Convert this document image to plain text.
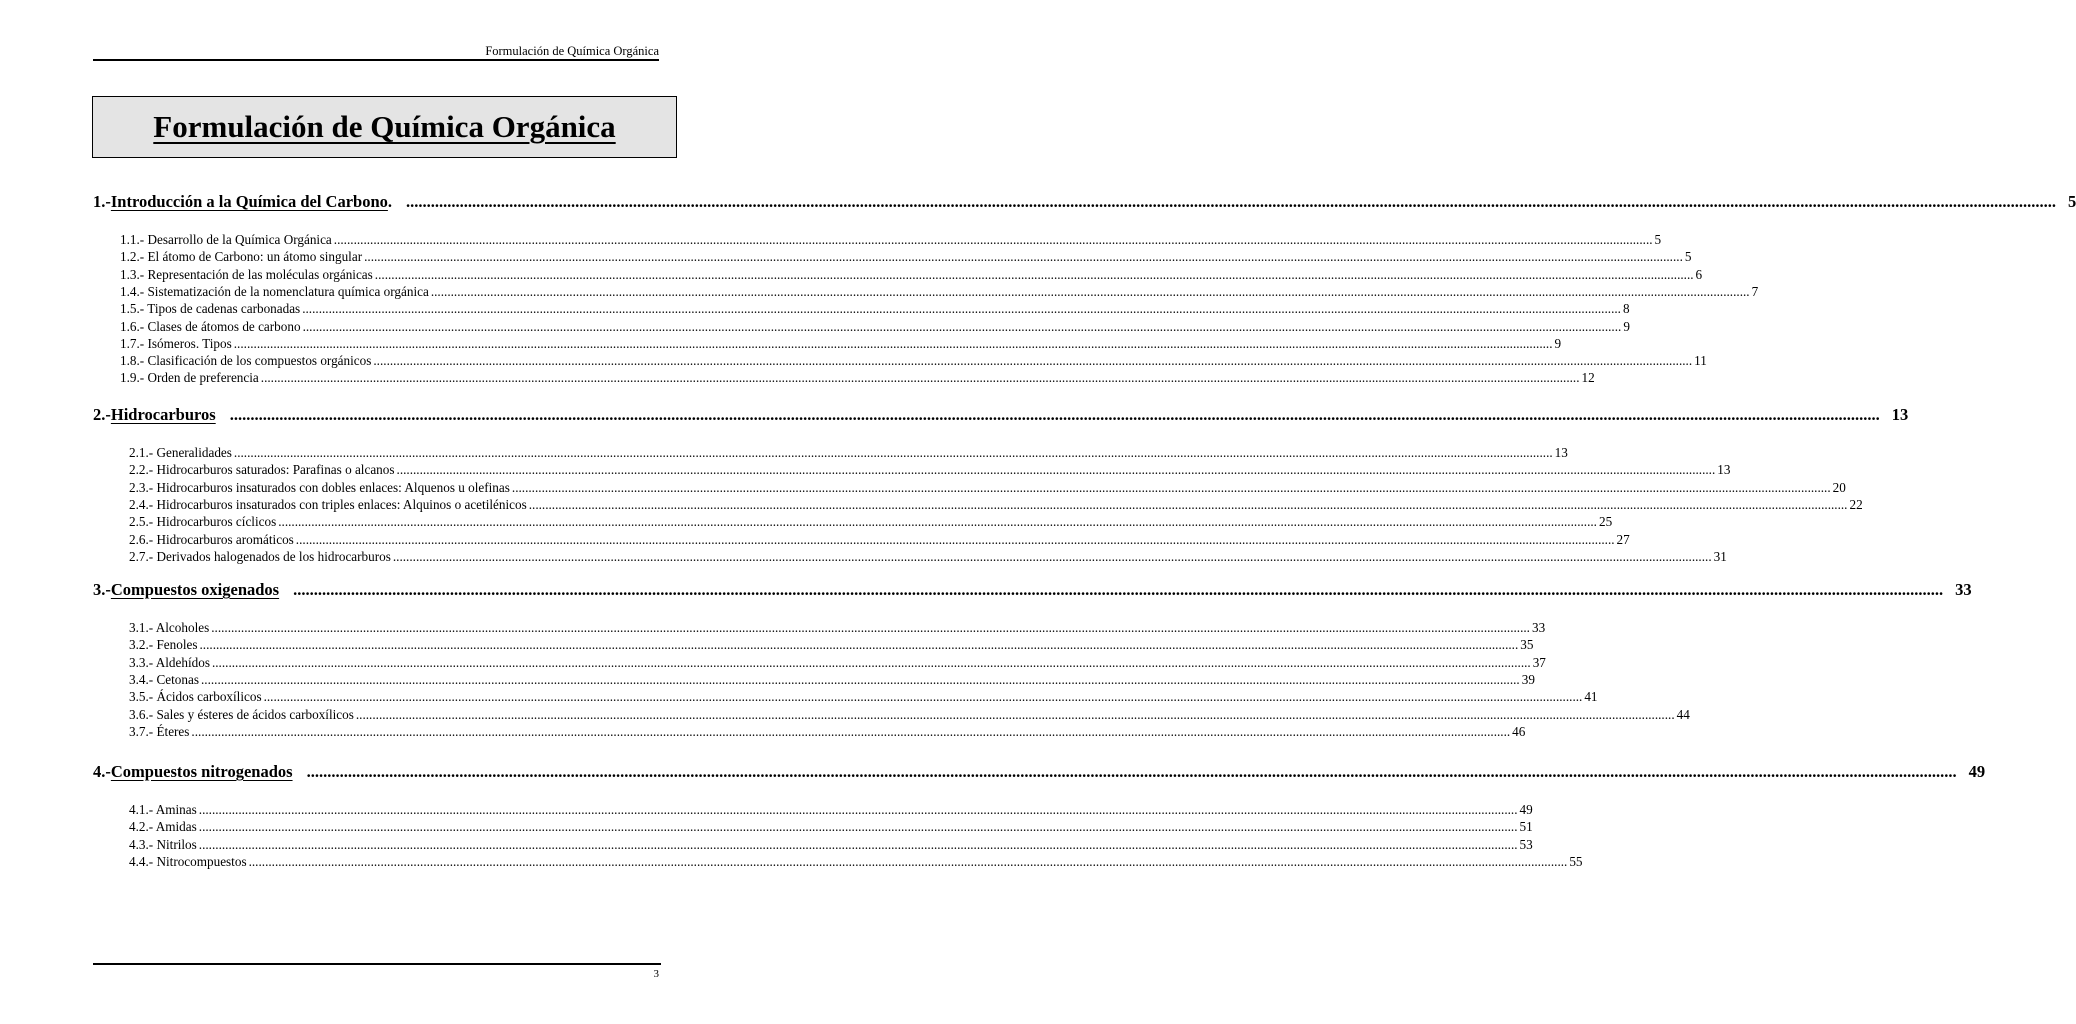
Formulación de Química Orgánica
Formulación de Química Orgánica
1.- Introducción a la Química del Carbono . ................................................................................................................................................................................................................................................................................................................................................................................................................ 5
1.1.- Desarrollo de la Química Orgánica ................................................................................................................................................................................................................................................................................................................................................................................................................ 5
1.2.- El átomo de Carbono: un átomo singular ................................................................................................................................................................................................................................................................................................................................................................................................................ 5
1.3.- Representación de las moléculas orgánicas ................................................................................................................................................................................................................................................................................................................................................................................................................ 6
1.4.- Sistematización de la nomenclatura química orgánica ................................................................................................................................................................................................................................................................................................................................................................................................................ 7
1.5.- Tipos de cadenas carbonadas ................................................................................................................................................................................................................................................................................................................................................................................................................ 8
1.6.- Clases de átomos de carbono ................................................................................................................................................................................................................................................................................................................................................................................................................ 9
1.7.- Isómeros. Tipos ................................................................................................................................................................................................................................................................................................................................................................................................................ 9
1.8.- Clasificación de los compuestos orgánicos ................................................................................................................................................................................................................................................................................................................................................................................................................ 11
1.9.- Orden de preferencia ................................................................................................................................................................................................................................................................................................................................................................................................................ 12
2.- Hidrocarburos ................................................................................................................................................................................................................................................................................................................................................................................................................ 13
2.1.- Generalidades ................................................................................................................................................................................................................................................................................................................................................................................................................ 13
2.2.- Hidrocarburos saturados: Parafinas o alcanos ................................................................................................................................................................................................................................................................................................................................................................................................................ 13
2.3.- Hidrocarburos insaturados con dobles enlaces: Alquenos u olefinas ................................................................................................................................................................................................................................................................................................................................................................................................................ 20
2.4.- Hidrocarburos insaturados con triples enlaces: Alquinos o acetilénicos ................................................................................................................................................................................................................................................................................................................................................................................................................ 22
2.5.- Hidrocarburos cíclicos ................................................................................................................................................................................................................................................................................................................................................................................................................ 25
2.6.- Hidrocarburos aromáticos ................................................................................................................................................................................................................................................................................................................................................................................................................ 27
2.7.- Derivados halogenados de los hidrocarburos ................................................................................................................................................................................................................................................................................................................................................................................................................ 31
3.- Compuestos oxigenados ................................................................................................................................................................................................................................................................................................................................................................................................................ 33
3.1.- Alcoholes ................................................................................................................................................................................................................................................................................................................................................................................................................ 33
3.2.- Fenoles ................................................................................................................................................................................................................................................................................................................................................................................................................ 35
3.3.- Aldehídos ................................................................................................................................................................................................................................................................................................................................................................................................................ 37
3.4.- Cetonas ................................................................................................................................................................................................................................................................................................................................................................................................................ 39
3.5.- Ácidos carboxílicos ................................................................................................................................................................................................................................................................................................................................................................................................................ 41
3.6.- Sales y ésteres de ácidos carboxílicos ................................................................................................................................................................................................................................................................................................................................................................................................................ 44
3.7.- Éteres ................................................................................................................................................................................................................................................................................................................................................................................................................ 46
4.- Compuestos nitrogenados ................................................................................................................................................................................................................................................................................................................................................................................................................ 49
4.1.- Aminas ................................................................................................................................................................................................................................................................................................................................................................................................................ 49
4.2.- Amidas ................................................................................................................................................................................................................................................................................................................................................................................................................ 51
4.3.- Nitrilos ................................................................................................................................................................................................................................................................................................................................................................................................................ 53
4.4.- Nitrocompuestos ................................................................................................................................................................................................................................................................................................................................................................................................................ 55
3
